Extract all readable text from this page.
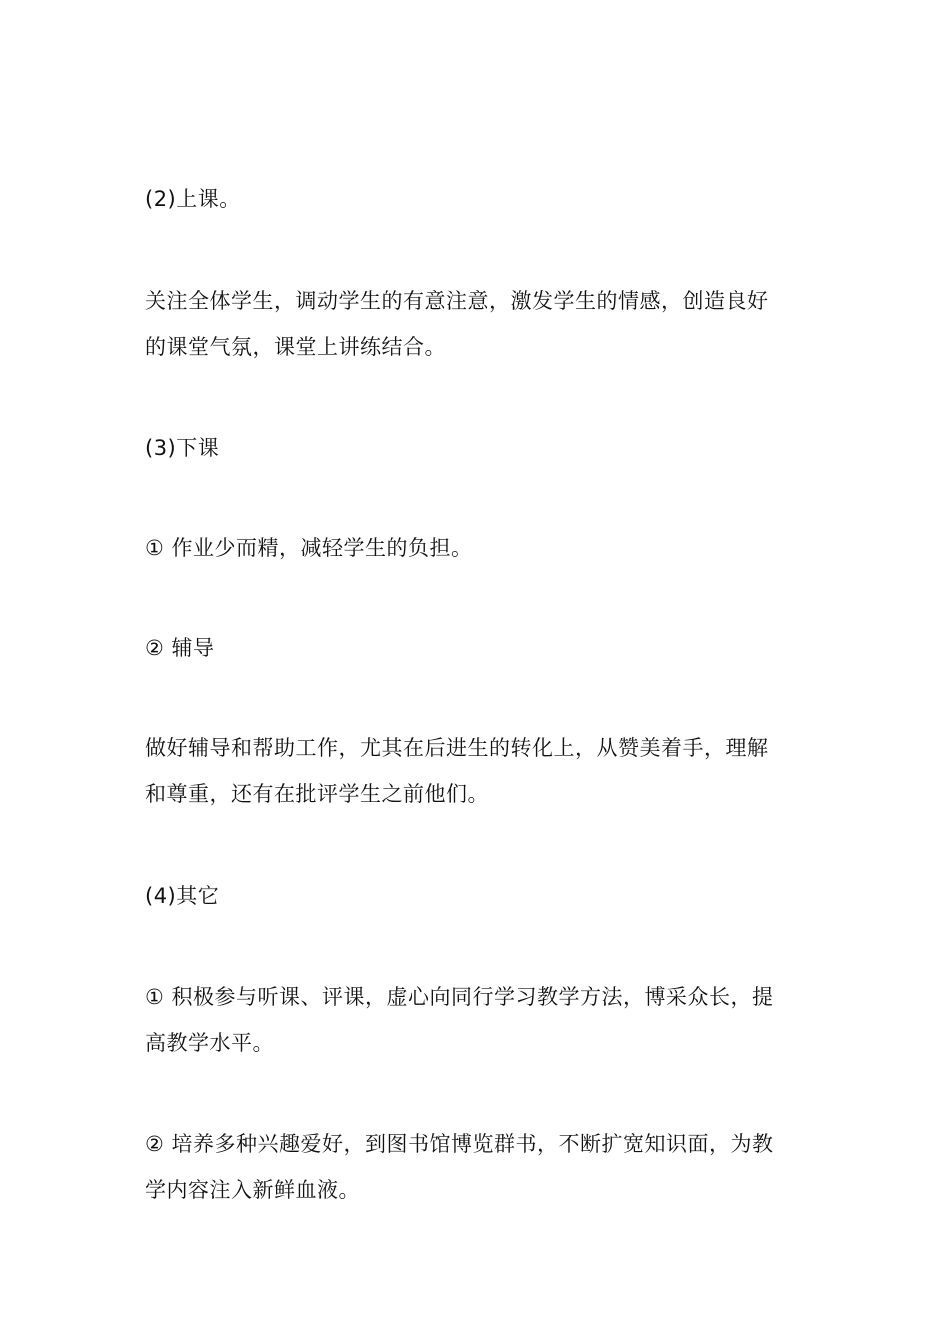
(2)上课。

关注全体学生，调动学生的有意注意，激发学生的情感，创造良好
的课堂气氛，课堂上讲练结合。

(3)下课

① 作业少而精，减轻学生的负担。

② 辅导

做好辅导和帮助工作，尤其在后进生的转化上，从赞美着手，理解
和尊重，还有在批评学生之前他们。

(4)其它

① 积极参与听课、评课，虚心向同行学习教学方法，博采众长，提
高教学水平。

② 培养多种兴趣爱好，到图书馆博览群书，不断扩宽知识面，为教
学内容注入新鲜血液。
